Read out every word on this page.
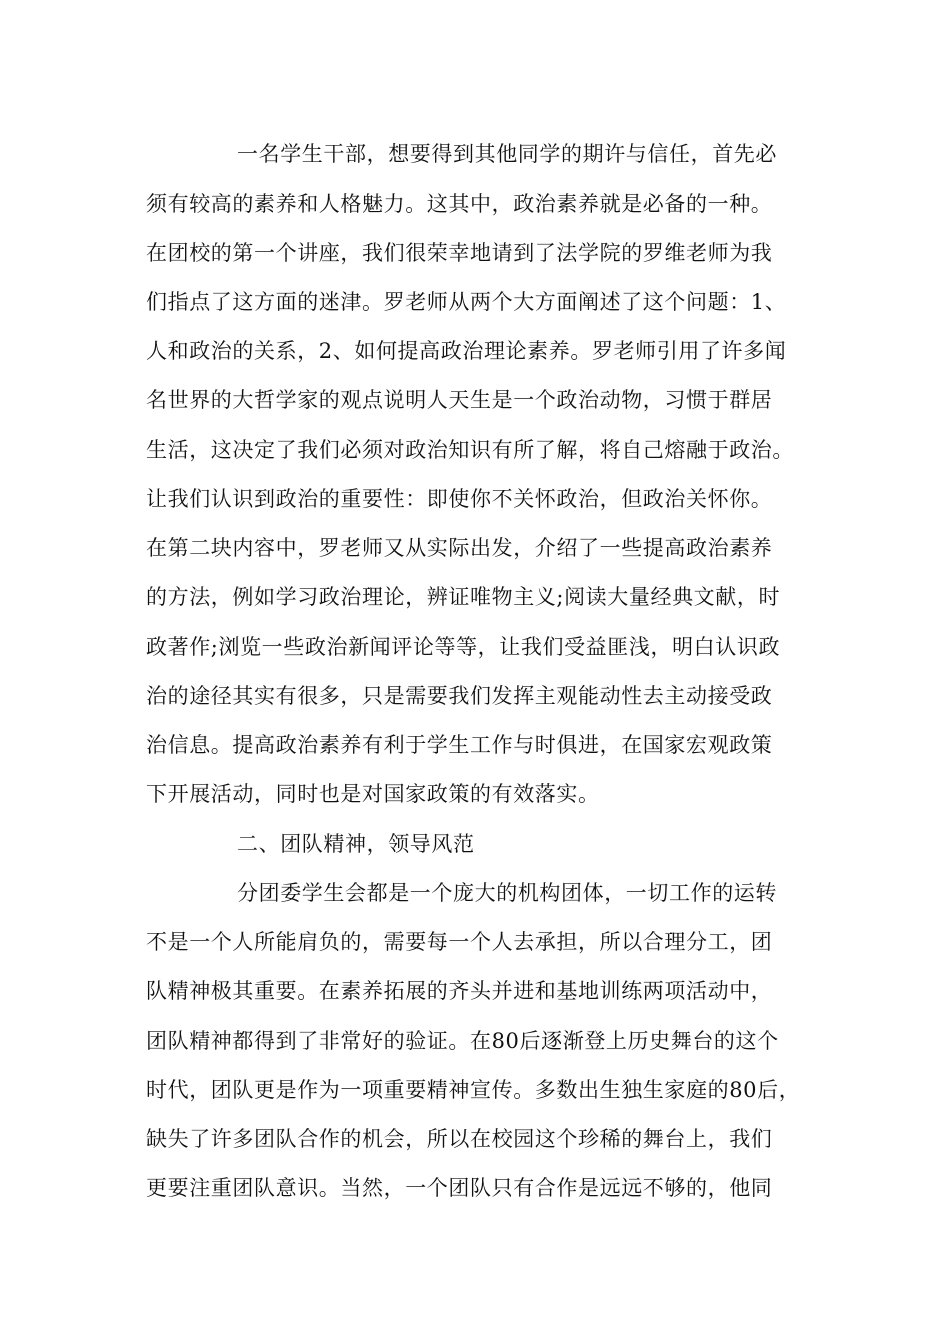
一名学生干部，想要得到其他同学的期许与信任，首先必
须有较高的素养和人格魅力。这其中，政治素养就是必备的一种。
在团校的第一个讲座，我们很荣幸地请到了法学院的罗维老师为我
们指点了这方面的迷津。罗老师从两个大方面阐述了这个问题：1、
人和政治的关系，2、如何提高政治理论素养。罗老师引用了许多闻
名世界的大哲学家的观点说明人天生是一个政治动物，习惯于群居
生活，这决定了我们必须对政治知识有所了解，将自己熔融于政治。
让我们认识到政治的重要性：即使你不关怀政治，但政治关怀你。
在第二块内容中，罗老师又从实际出发，介绍了一些提高政治素养
的方法，例如学习政治理论，辨证唯物主义;阅读大量经典文献，时
政著作;浏览一些政治新闻评论等等，让我们受益匪浅，明白认识政
治的途径其实有很多，只是需要我们发挥主观能动性去主动接受政
治信息。提高政治素养有利于学生工作与时俱进，在国家宏观政策
下开展活动，同时也是对国家政策的有效落实。
二、团队精神，领导风范
分团委学生会都是一个庞大的机构团体，一切工作的运转
不是一个人所能肩负的，需要每一个人去承担，所以合理分工，团
队精神极其重要。在素养拓展的齐头并进和基地训练两项活动中，
团队精神都得到了非常好的验证。在80后逐渐登上历史舞台的这个
时代，团队更是作为一项重要精神宣传。多数出生独生家庭的80后，
缺失了许多团队合作的机会，所以在校园这个珍稀的舞台上，我们
更要注重团队意识。当然，一个团队只有合作是远远不够的，他同
